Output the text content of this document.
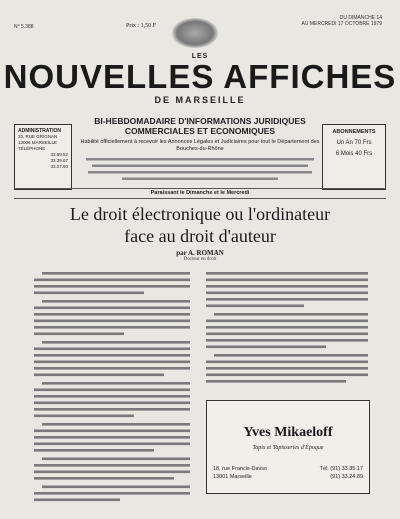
N° 5.388	Prix : 1,50 F
DU DIMANCHE 14
AU MERCREDI 17 OCTOBRE 1979
LES
NOUVELLES AFFICHES
DE MARSEILLE
ADMINISTRATION
33, RUE GRIGNAN
13006 MARSEILLE
TÉLÉPHONE
33.59.52
33.29.67
33.27.60
ABONNEMENTS
Un An 70 Frs
6 Mois 40 Frs
BI-HEBDOMADAIRE D'INFORMATIONS JURIDIQUES
COMMERCIALES ET ECONOMIQUES
Habilité officiellement à recevoir les Annonces Légales et Judiciaires pour tout le Département des Bouches-du-Rhône
Paraissant le Dimanche et le Mercredi
Le droit électronique ou l'ordinateur
face au droit d'auteur
par A. ROMAN
Docteur en droit
Yves Mikaeloff
Tapis et Tapisseries d'Époque
18, rue Francis-Davso
13001 Marseille
Tél. (91) 33.35.17
(91) 33.24.89
